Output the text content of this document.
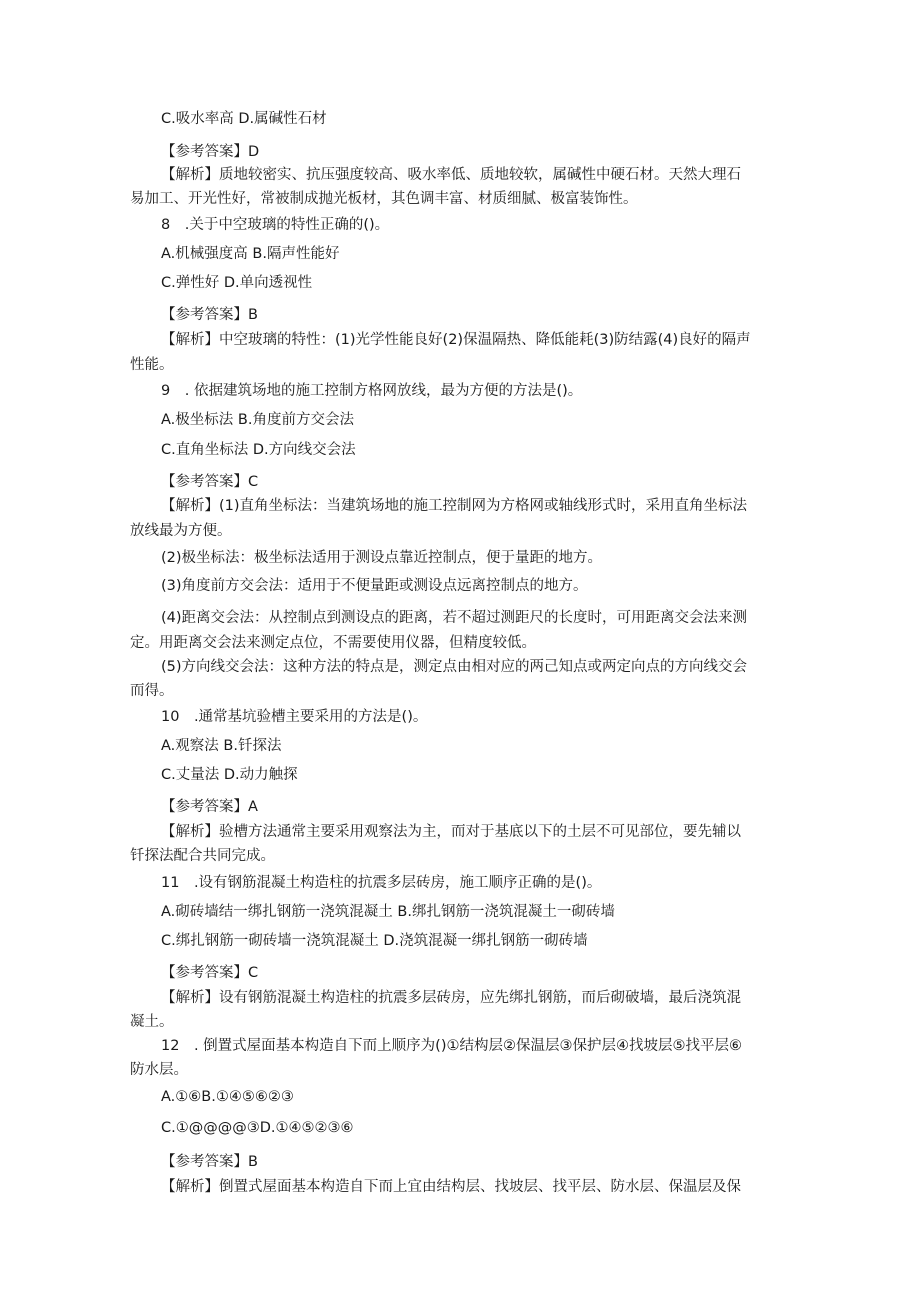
C.吸水率高 D.属碱性石材
【参考答案】D
【解析】质地较密实、抗压强度较高、吸水率低、质地较软，属碱性中硬石材。天然大理石
易加工、开光性好，常被制成抛光板材，其色调丰富、材质细腻、极富装饰性。
8　.关于中空玻璃的特性正确的()。
A.机械强度高 B.隔声性能好
C.弹性好 D.单向透视性
【参考答案】B
【解析】中空玻璃的特性：(1)光学性能良好(2)保温隔热、降低能耗(3)防结露(4)良好的隔声
性能。
9　. 依据建筑场地的施工控制方格网放线，最为方便的方法是()。
A.极坐标法 B.角度前方交会法
C.直角坐标法 D.方向线交会法
【参考答案】C
【解析】(1)直角坐标法：当建筑场地的施工控制网为方格网或轴线形式时，采用直角坐标法
放线最为方便。
(2)极坐标法：极坐标法适用于测设点靠近控制点，便于量距的地方。
(3)角度前方交会法：适用于不便量距或测设点远离控制点的地方。
(4)距离交会法：从控制点到测设点的距离，若不超过测距尺的长度时，可用距离交会法来测
定。用距离交会法来测定点位，不需要使用仪器，但精度较低。
(5)方向线交会法：这种方法的特点是，测定点由相对应的两己知点或两定向点的方向线交会
而得。
10　.通常基坑验槽主要采用的方法是()。
A.观察法 B.钎探法
C.丈量法 D.动力触探
【参考答案】A
【解析】验槽方法通常主要采用观察法为主，而对于基底以下的土层不可见部位，要先辅以
钎探法配合共同完成。
11　.设有钢筋混凝土构造柱的抗震多层砖房，施工顺序正确的是()。
A.砌砖墙结一绑扎钢筋一浇筑混凝土 B.绑扎钢筋一浇筑混凝土一砌砖墙
C.绑扎钢筋一砌砖墙一浇筑混凝土 D.浇筑混凝一绑扎钢筋一砌砖墙
【参考答案】C
【解析】设有钢筋混凝土构造柱的抗震多层砖房，应先绑扎钢筋，而后砌破墙，最后浇筑混
凝土。
12　. 倒置式屋面基本构造自下而上顺序为()①结构层②保温层③保护层④找坡层⑤找平层⑥
防水层。
A.①⑥B.①④⑤⑥②③
C.①@@@@③D.①④⑤②③⑥
【参考答案】B
【解析】倒置式屋面基本构造自下而上宜由结构层、找坡层、找平层、防水层、保温层及保
